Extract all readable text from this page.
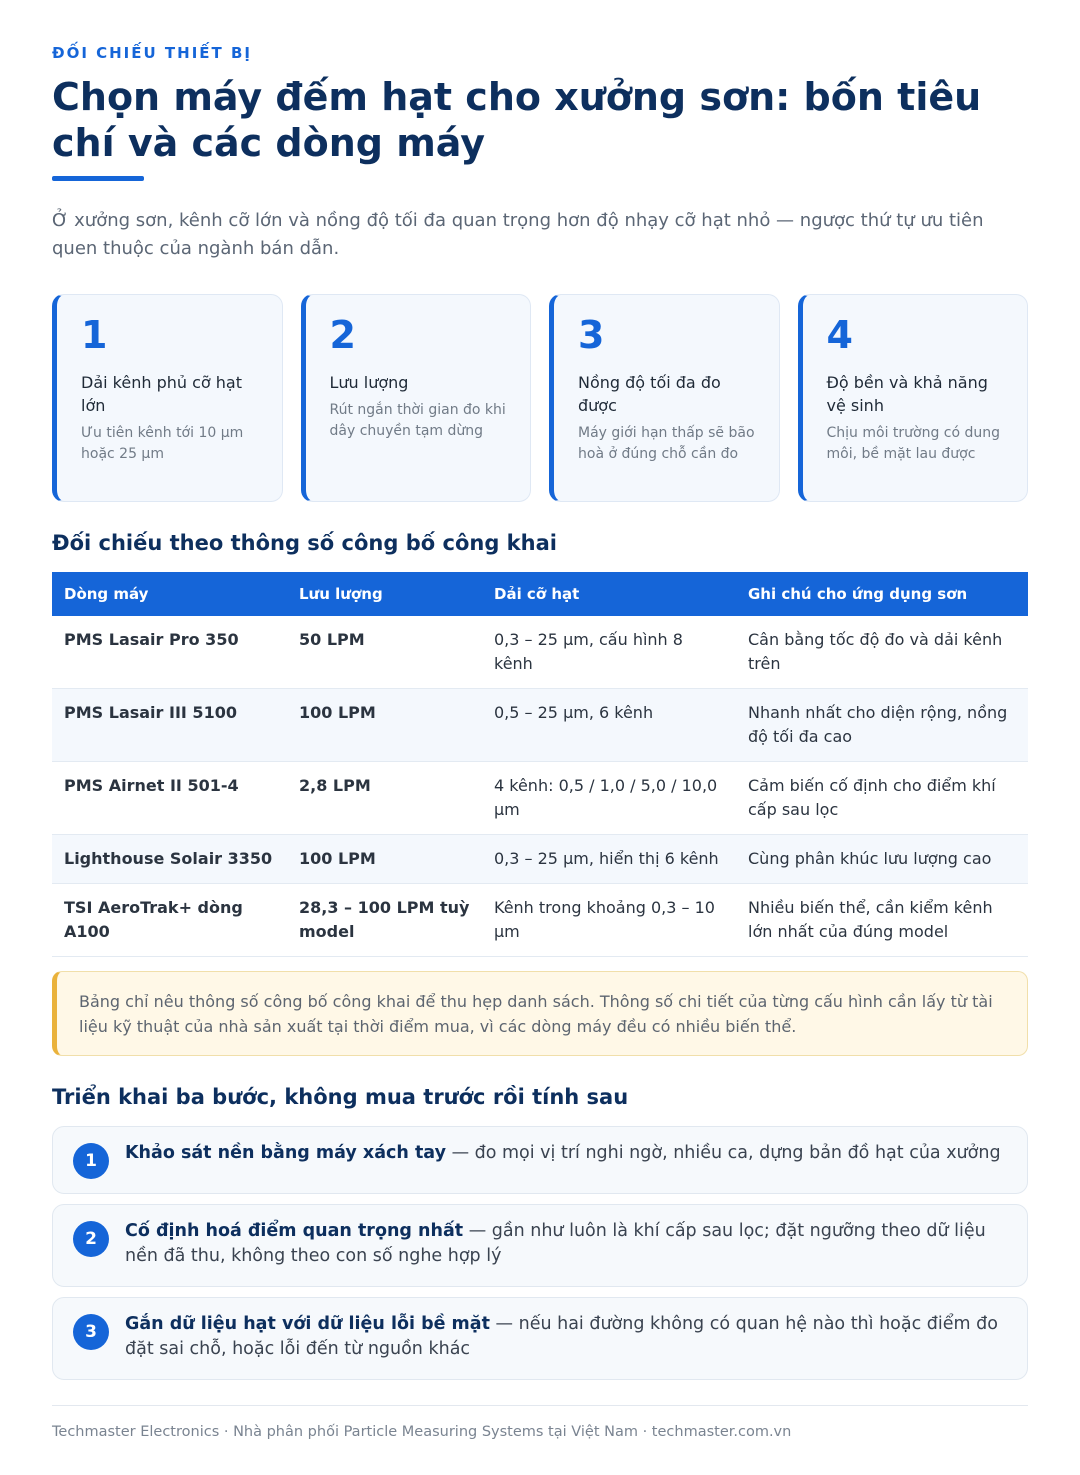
ĐỐI CHIẾU THIẾT BỊ
Chọn máy đếm hạt cho xưởng sơn: bốn tiêu chí và các dòng máy

Ở xưởng sơn, kênh cỡ lớn và nồng độ tối đa quan trọng hơn độ nhạy cỡ hạt nhỏ — ngược thứ tự ưu tiên quen thuộc của ngành bán dẫn.

1
Dải kênh phủ cỡ hạt lớn
Ưu tiên kênh tới 10 µm hoặc 25 µm
2
Lưu lượng
Rút ngắn thời gian đo khi dây chuyền tạm dừng
3
Nồng độ tối đa đo được
Máy giới hạn thấp sẽ bão hoà ở đúng chỗ cần đo
4
Độ bền và khả năng vệ sinh
Chịu môi trường có dung môi, bề mặt lau được
Đối chiếu theo thông số công bố công khai
Dòng máy	Lưu lượng	Dải cỡ hạt	Ghi chú cho ứng dụng sơn
PMS Lasair Pro 350	50 LPM	0,3 – 25 µm, cấu hình 8 kênh	Cân bằng tốc độ đo và dải kênh trên
PMS Lasair III 5100	100 LPM	0,5 – 25 µm, 6 kênh	Nhanh nhất cho diện rộng, nồng độ tối đa cao
PMS Airnet II 501-4	2,8 LPM	4 kênh: 0,5 / 1,0 / 5,0 / 10,0 µm	Cảm biến cố định cho điểm khí cấp sau lọc
Lighthouse Solair 3350	100 LPM	0,3 – 25 µm, hiển thị 6 kênh	Cùng phân khúc lưu lượng cao
TSI AeroTrak+ dòng A100	28,3 – 100 LPM tuỳ model	Kênh trong khoảng 0,3 – 10 µm	Nhiều biến thể, cần kiểm kênh lớn nhất của đúng model
Bảng chỉ nêu thông số công bố công khai để thu hẹp danh sách. Thông số chi tiết của từng cấu hình cần lấy từ tài liệu kỹ thuật của nhà sản xuất tại thời điểm mua, vì các dòng máy đều có nhiều biến thể.
Triển khai ba bước, không mua trước rồi tính sau
1	Khảo sát nền bằng máy xách tay — đo mọi vị trí nghi ngờ, nhiều ca, dựng bản đồ hạt của xưởng
2	Cố định hoá điểm quan trọng nhất — gần như luôn là khí cấp sau lọc; đặt ngưỡng theo dữ liệu nền đã thu, không theo con số nghe hợp lý
3	Gắn dữ liệu hạt với dữ liệu lỗi bề mặt — nếu hai đường không có quan hệ nào thì hoặc điểm đo đặt sai chỗ, hoặc lỗi đến từ nguồn khác
Techmaster Electronics · Nhà phân phối Particle Measuring Systems tại Việt Nam · techmaster.com.vn
